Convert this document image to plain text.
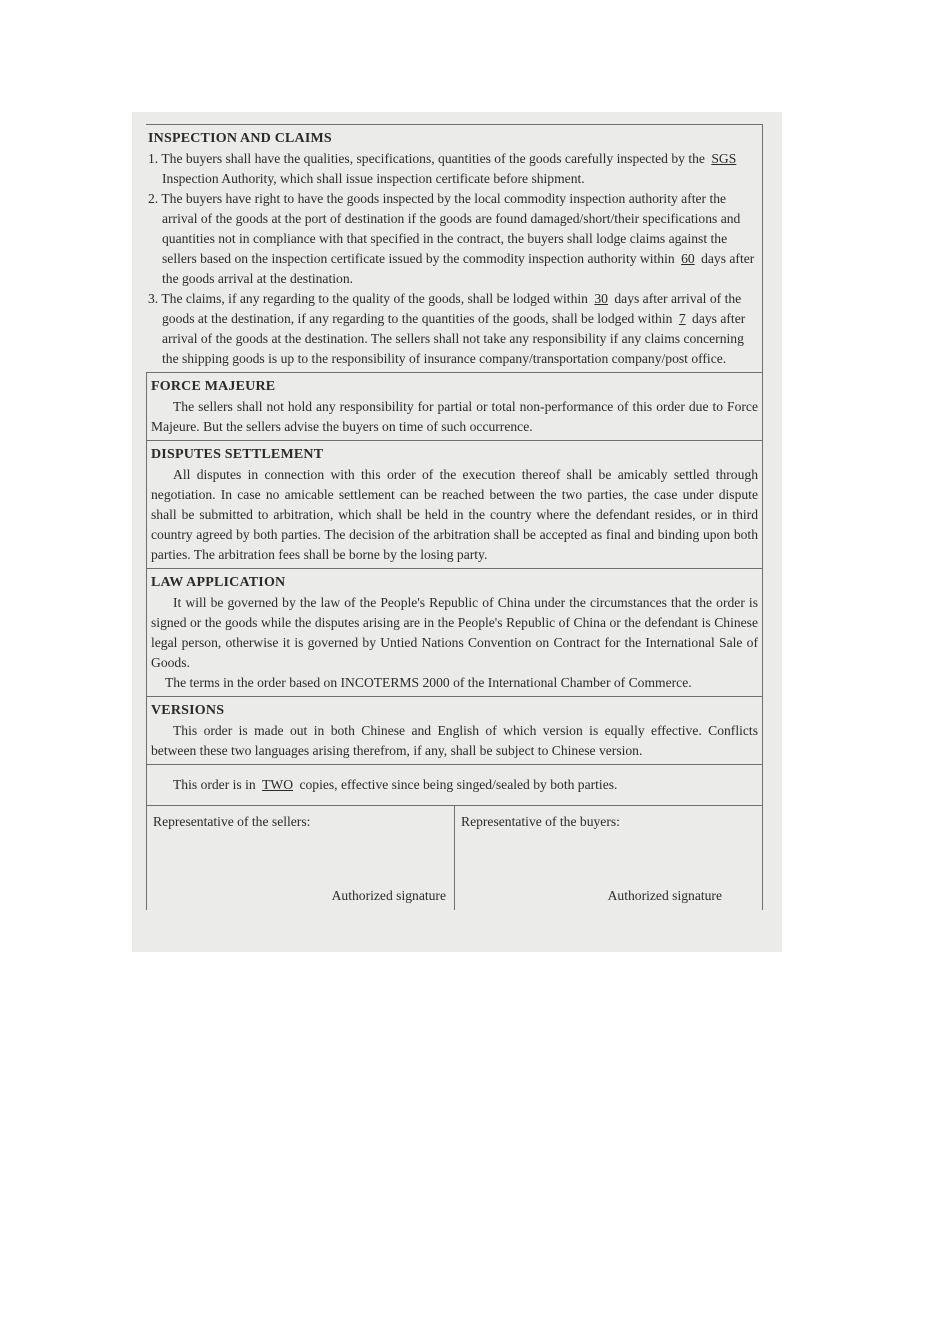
INSPECTION AND CLAIMS
1. The buyers shall have the qualities, specifications, quantities of the goods carefully inspected by the SGS Inspection Authority, which shall issue inspection certificate before shipment.
2. The buyers have right to have the goods inspected by the local commodity inspection authority after the arrival of the goods at the port of destination if the goods are found damaged/short/their specifications and quantities not in compliance with that specified in the contract, the buyers shall lodge claims against the sellers based on the inspection certificate issued by the commodity inspection authority within 60 days after the goods arrival at the destination.
3. The claims, if any regarding to the quality of the goods, shall be lodged within 30 days after arrival of the goods at the destination, if any regarding to the quantities of the goods, shall be lodged within 7 days after arrival of the goods at the destination. The sellers shall not take any responsibility if any claims concerning the shipping goods is up to the responsibility of insurance company/transportation company/post office.
FORCE MAJEURE
The sellers shall not hold any responsibility for partial or total non-performance of this order due to Force Majeure. But the sellers advise the buyers on time of such occurrence.
DISPUTES SETTLEMENT
All disputes in connection with this order of the execution thereof shall be amicably settled through negotiation. In case no amicable settlement can be reached between the two parties, the case under dispute shall be submitted to arbitration, which shall be held in the country where the defendant resides, or in third country agreed by both parties. The decision of the arbitration shall be accepted as final and binding upon both parties. The arbitration fees shall be borne by the losing party.
LAW APPLICATION
It will be governed by the law of the People's Republic of China under the circumstances that the order is signed or the goods while the disputes arising are in the People's Republic of China or the defendant is Chinese legal person, otherwise it is governed by Untied Nations Convention on Contract for the International Sale of Goods.
The terms in the order based on INCOTERMS 2000 of the International Chamber of Commerce.
VERSIONS
This order is made out in both Chinese and English of which version is equally effective. Conflicts between these two languages arising therefrom, if any, shall be subject to Chinese version.
This order is in TWO copies, effective since being singed/sealed by both parties.
Representative of the sellers:
Authorized signature
Representative of the buyers:
Authorized signature
